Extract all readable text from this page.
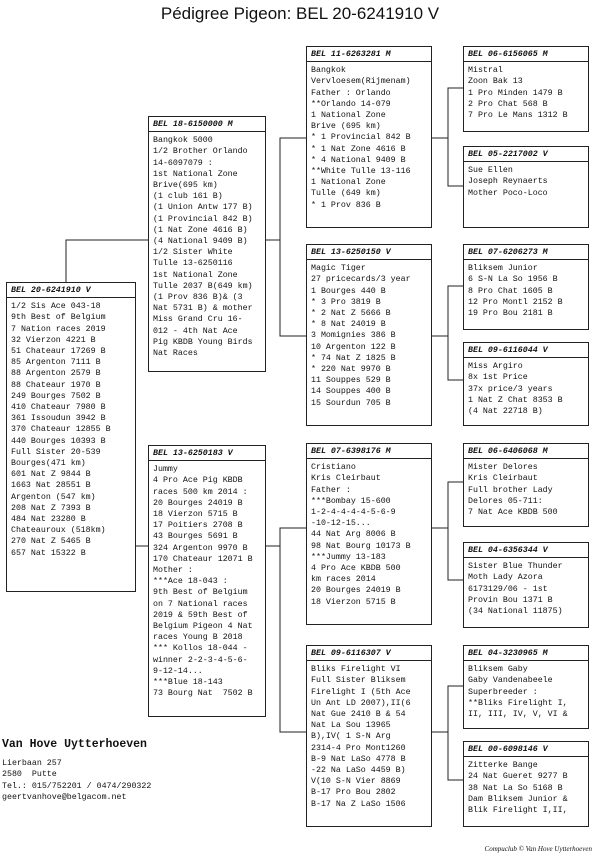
Pédigree Pigeon: BEL 20-6241910 V
BEL 20-6241910 V
1/2 Sis Ace 043-18
9th Best of Belgium
7 Nation races 2019
32 Vierzon 4221 B
51 Chateaur 17269 B
85 Argenton 7111 B
88 Argenton 2579 B
88 Chateaur 1970 B
249 Bourges 7502 B
410 Chateaur 7980 B
361 Issoudun 3942 B
370 Chateaur 12855 B
440 Bourges 10393 B
Full Sister 20-539
Bourges(471 km)
601 Nat Z 9844 B
1663 Nat 28551 B
Argenton (547 km)
208 Nat Z 7393 B
484 Nat 23280 B
Chateauroux (518km)
270 Nat Z 5465 B
657 Nat 15322 B
BEL 18-6150000 M
Bangkok 5000
1/2 Brother Orlando
14-6097079 :
1st National Zone
Brive(695 km)
(1 club 161 B)
(1 Union Antw 177 B)
(1 Provincial 842 B)
(1 Nat Zone 4616 B)
(4 National 9409 B)
1/2 Sister White
Tulle 13-6250116
1st National Zone
Tulle 2037 B(649 km)
(1 Prov 836 B)& (3
Nat 5731 B) & mother
Miss Grand Cru 16-
012 - 4th Nat Ace
Pig KBDB Young Birds
Nat Races
BEL 13-6250183 V
Jummy
4 Pro Ace Pig KBDB
races 500 km 2014 :
20 Bourges 24019 B
18 Vierzon 5715 B
17 Poitiers 2708 B
43 Bourges 5691 B
324 Argenton 9970 B
170 Chateaur 12071 B
Mother :
***Ace 18-043 :
9th Best of Belgium
on 7 National races
2019 & 59th Best of
Belgium Pigeon 4 Nat
races Young B 2018
*** Kollos 18-044 -
winner 2-2-3-4-5-6-
9-12-14...
***Blue 18-143
73 Bourg Nat  7502 B
BEL 11-6263281 M
Bangkok
Vervloesem(Rijmenam)
Father : Orlando
**Orlando 14-079
1 National Zone
Brive (695 km)
* 1 Provincial 842 B
* 1 Nat Zone 4616 B
* 4 National 9409 B
**White Tulle 13-116
1 National Zone
Tulle (649 km)
* 1 Prov 836 B
BEL 13-6250150 V
Magic Tiger
27 pricecards/3 year
1 Bourges 440 B
* 3 Pro 3819 B
* 2 Nat Z 5666 B
* 8 Nat 24019 B
3 Momignies 386 B
10 Argenton 122 B
* 74 Nat Z 1825 B
* 220 Nat 9970 B
11 Souppes 529 B
14 Souppes 400 B
15 Sourdun 705 B
BEL 07-6398176 M
Cristiano
Kris Cleirbaut
Father :
***Bombay 15-600
1-2-4-4-4-4-5-6-9
-10-12-15...
44 Nat Arg 8006 B
98 Nat Bourg 10173 B
***Jummy 13-183
4 Pro Ace KBDB 500
km races 2014
20 Bourges 24019 B
18 Vierzon 5715 B
BEL 09-6116307 V
Bliks Firelight VI
Full Sister Bliksem
Firelight I (5th Ace
Un Ant LD 2007),II(6
Nat Gue 2410 B & 54
Nat La Sou 13965
B),IV( 1 S-N Arg
2314-4 Pro Mont1260
B-9 Nat LaSo 4778 B
-22 Na LaSo 4459 B)
V(10 S-N Vier 8869
B-17 Pro Bou 2802
B-17 Na Z LaSo 1506
BEL 06-6156065 M
Mistral
Zoon Bak 13
1 Pro Minden 1479 B
2 Pro Chat 568 B
7 Pro Le Mans 1312 B
BEL 05-2217002 V
Sue Ellen
Joseph Reynaerts
Mother Poco-Loco
BEL 07-6206273 M
Bliksem Junior
6 S-N La So 1956 B
8 Pro Chat 1605 B
12 Pro Montl 2152 B
19 Pro Bou 2181 B
BEL 09-6116044 V
Miss Argiro
8x 1st Price
37x price/3 years
1 Nat Z Chat 8353 B
(4 Nat 22718 B)
BEL 06-6406068 M
Mister Delores
Kris Cleirbaut
Full brother Lady
Delores 05-711:
7 Nat Ace KBDB 500
BEL 04-6356344 V
Sister Blue Thunder
Moth Lady Azora
6173129/06 - 1st
Provin Bou 1371 B
(34 National 11875)
BEL 04-3230965 M
Bliksem Gaby
Gaby Vandenabeele
Superbreeder :
**Bliks Firelight I,
II, III, IV, V, VI &
BEL 00-6098146 V
Zitterke Bange
24 Nat Gueret 9277 B
38 Nat La So 5168 B
Dam Bliksem Junior &
Blik Firelight I,II,
Van Hove Uytterhoeven
Lierbaan 257
2580  Putte
Tel.: 015/752201 / 0474/290322
geertvanhove@belgacom.net
Compuclub © Van Hove Uytterhoeven
